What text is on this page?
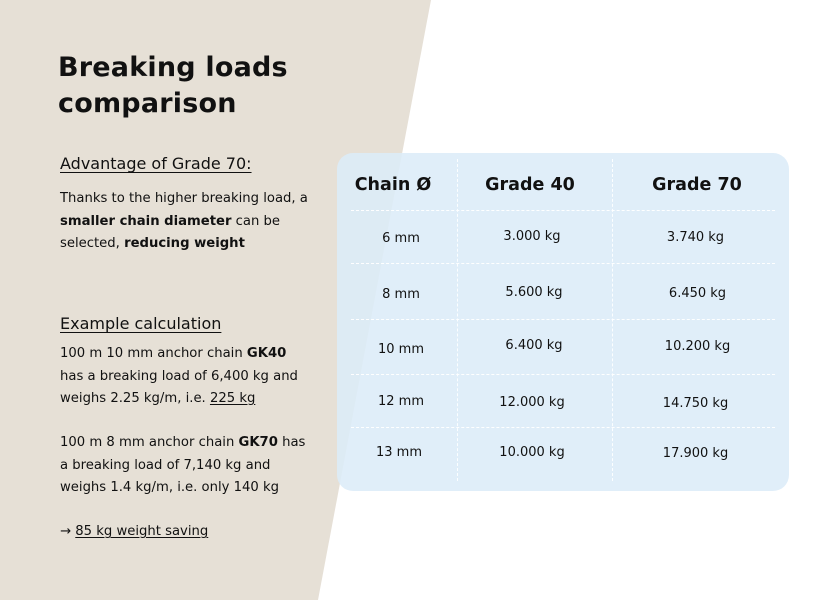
Breaking loads comparison
Advantage of Grade 70:

Thanks to the higher breaking load, a smaller chain diameter can be selected, reducing weight

Example calculation

100 m 10 mm anchor chain GK40 has a breaking load of 6,400 kg and weighs 2.25 kg/m, i.e. 225 kg

100 m 8 mm anchor chain GK70 has a breaking load of 7,140 kg and weighs 1.4 kg/m, i.e. only 140 kg

→ 85 kg weight saving
Chain Ø	Grade 40	Grade 70
6 mm	3.000 kg	3.740 kg
8 mm	5.600 kg	6.450 kg
10 mm	6.400 kg	10.200 kg
12 mm	12.000 kg	14.750 kg
13 mm	10.000 kg	17.900 kg
